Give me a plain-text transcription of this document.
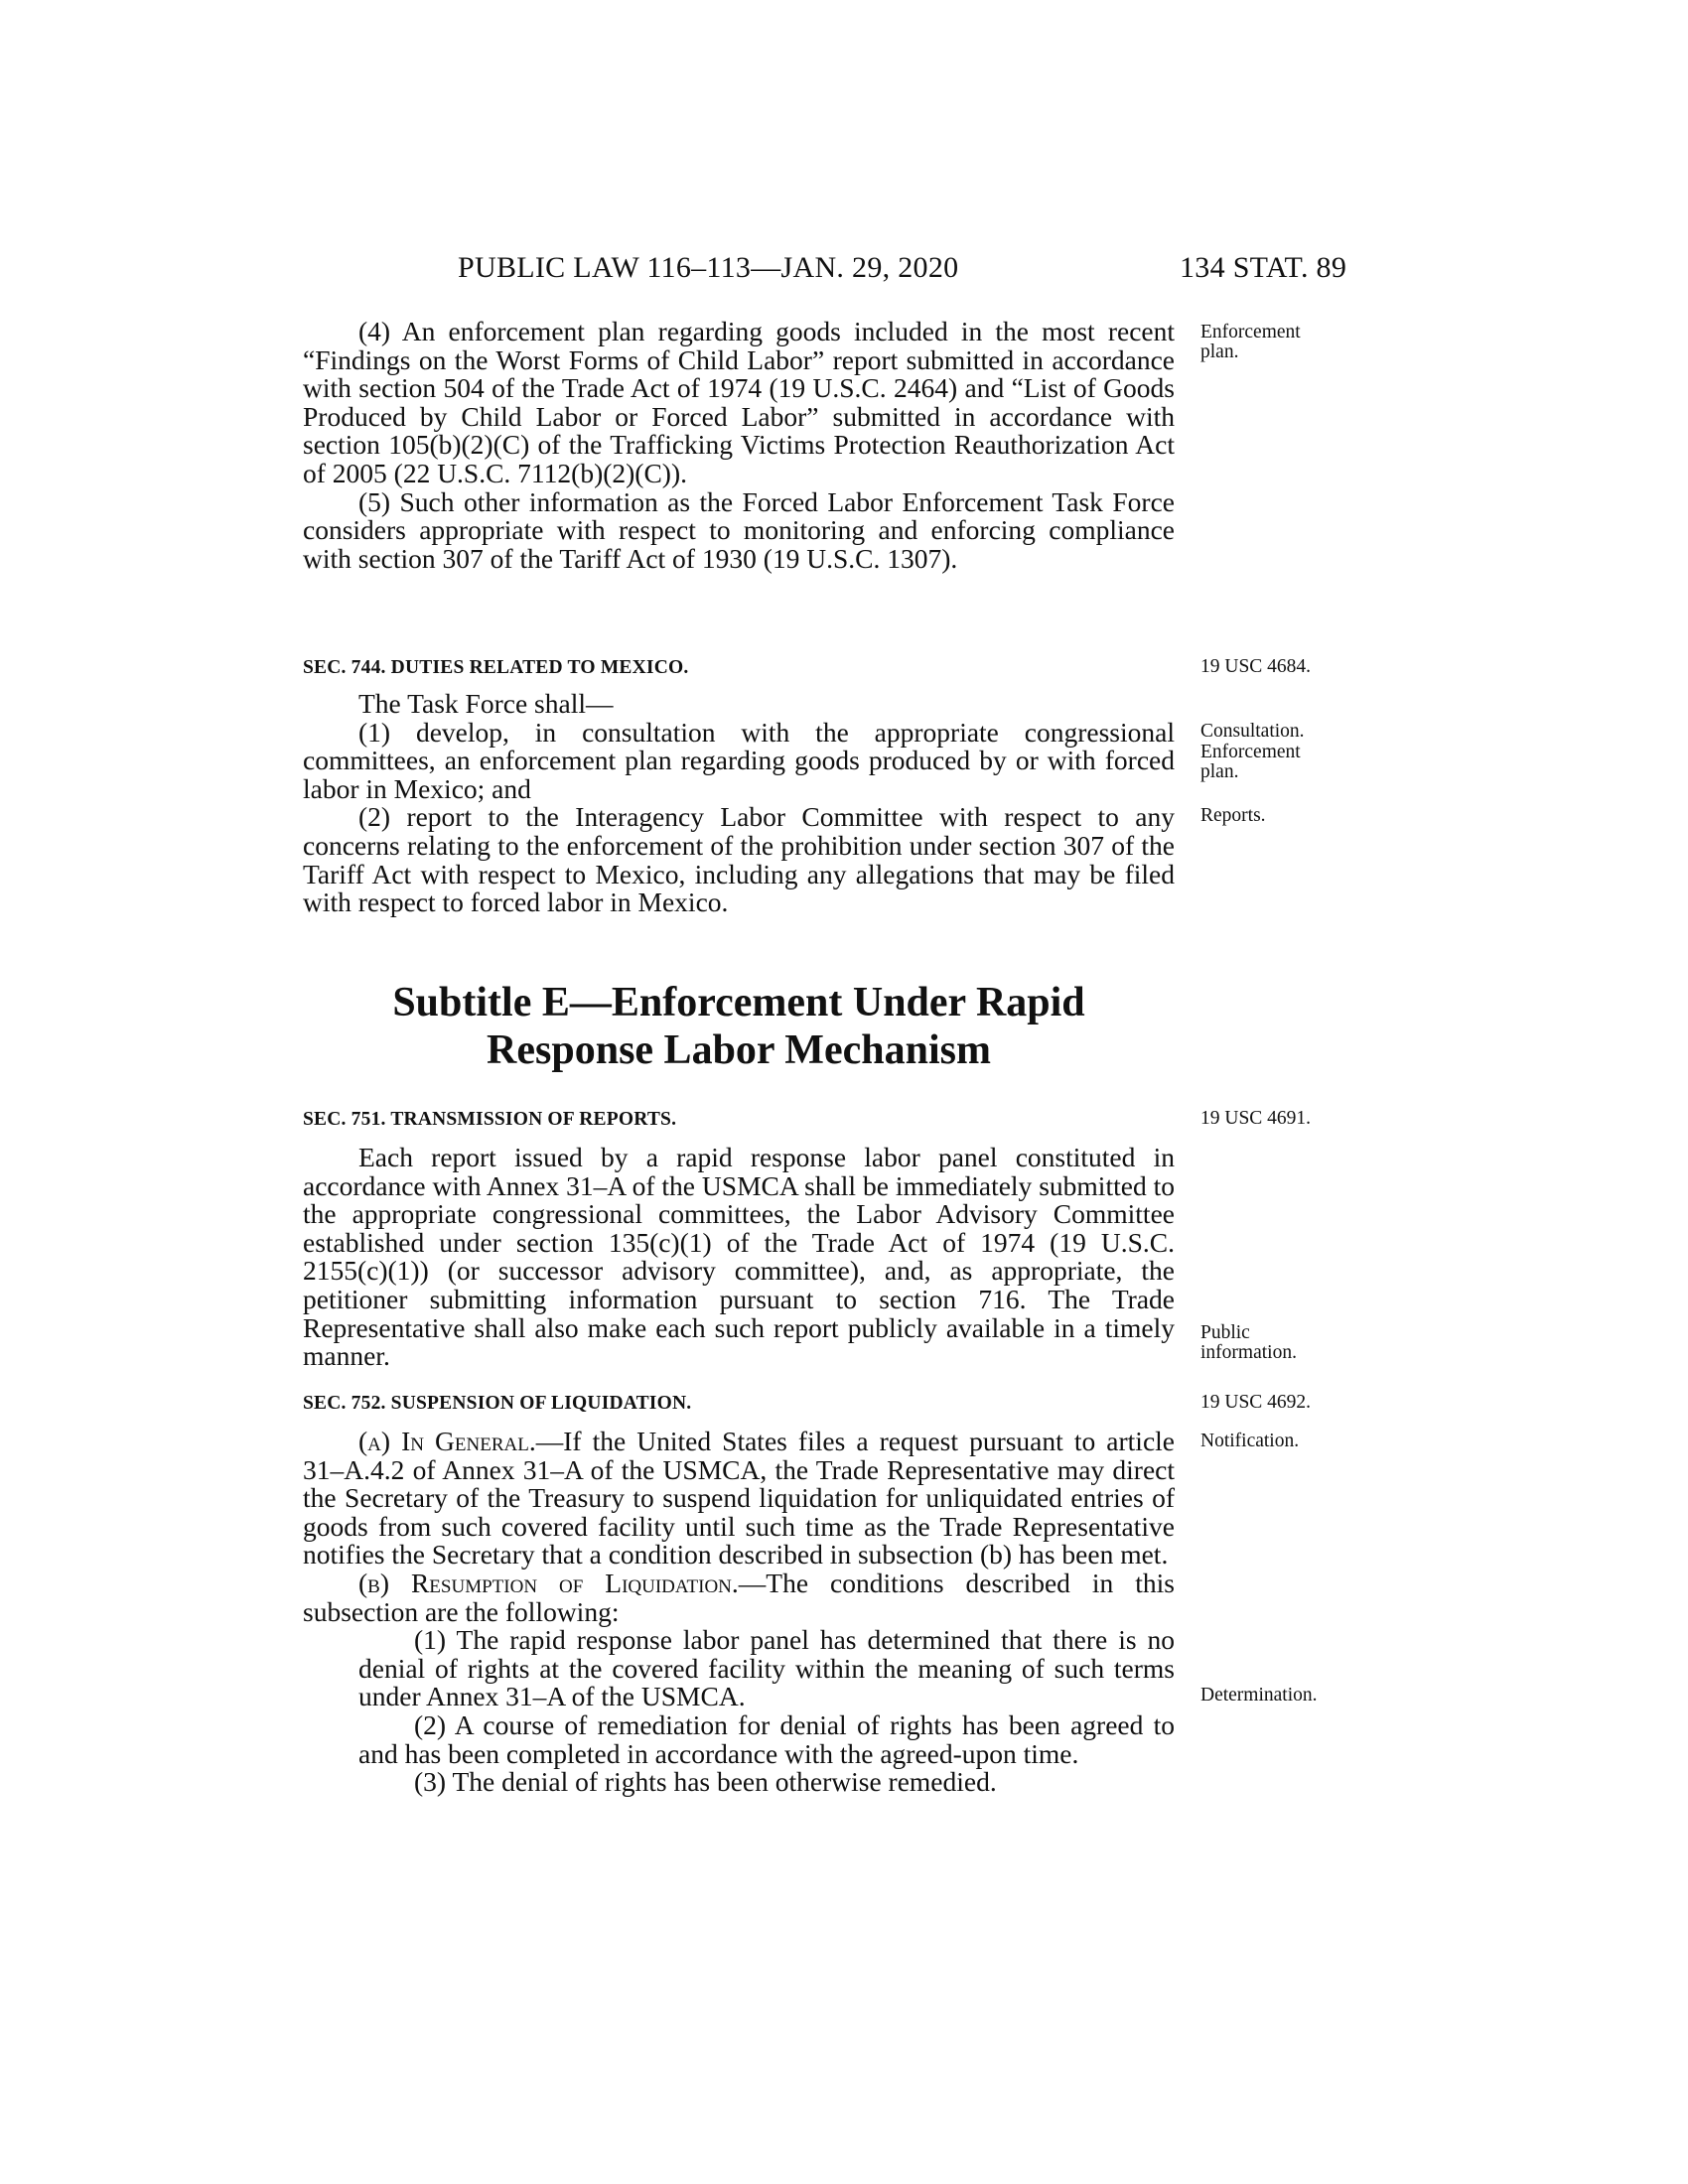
PUBLIC LAW 116–113—JAN. 29, 2020	134 STAT. 89

(4) An enforcement plan regarding goods included in the most recent “Findings on the Worst Forms of Child Labor” report submitted in accordance with section 504 of the Trade Act of 1974 (19 U.S.C. 2464) and “List of Goods Produced by Child Labor or Forced Labor” submitted in accordance with section 105(b)(2)(C) of the Trafficking Victims Protection Reauthorization Act of 2005 (22 U.S.C. 7112(b)(2)(C)).

(5) Such other information as the Forced Labor Enforcement Task Force considers appropriate with respect to monitoring and enforcing compliance with section 307 of the Tariff Act of 1930 (19 U.S.C. 1307).

SEC. 744. DUTIES RELATED TO MEXICO.

The Task Force shall—

(1) develop, in consultation with the appropriate congressional committees, an enforcement plan regarding goods produced by or with forced labor in Mexico; and

(2) report to the Interagency Labor Committee with respect to any concerns relating to the enforcement of the prohibition under section 307 of the Tariff Act with respect to Mexico, including any allegations that may be filed with respect to forced labor in Mexico.

Subtitle E—Enforcement Under Rapid
Response Labor Mechanism
SEC. 751. TRANSMISSION OF REPORTS.

Each report issued by a rapid response labor panel constituted in accordance with Annex 31–A of the USMCA shall be immediately submitted to the appropriate congressional committees, the Labor Advisory Committee established under section 135(c)(1) of the Trade Act of 1974 (19 U.S.C. 2155(c)(1)) (or successor advisory committee), and, as appropriate, the petitioner submitting information pursuant to section 716. The Trade Representative shall also make each such report publicly available in a timely manner.

SEC. 752. SUSPENSION OF LIQUIDATION.

(a) In General.—If the United States files a request pursuant to article 31–A.4.2 of Annex 31–A of the USMCA, the Trade Representative may direct the Secretary of the Treasury to suspend liquidation for unliquidated entries of goods from such covered facility until such time as the Trade Representative notifies the Secretary that a condition described in subsection (b) has been met.

(b) Resumption of Liquidation.—The conditions described in this subsection are the following:

(1) The rapid response labor panel has determined that there is no denial of rights at the covered facility within the meaning of such terms under Annex 31–A of the USMCA.

(2) A course of remediation for denial of rights has been agreed to and has been completed in accordance with the agreed-upon time.

(3) The denial of rights has been otherwise remedied.

Enforcement
plan.
19 USC 4684.
Consultation.
Enforcement
plan.
Reports.
19 USC 4691.
Public
information.
19 USC 4692.
Notification.
Determination.
